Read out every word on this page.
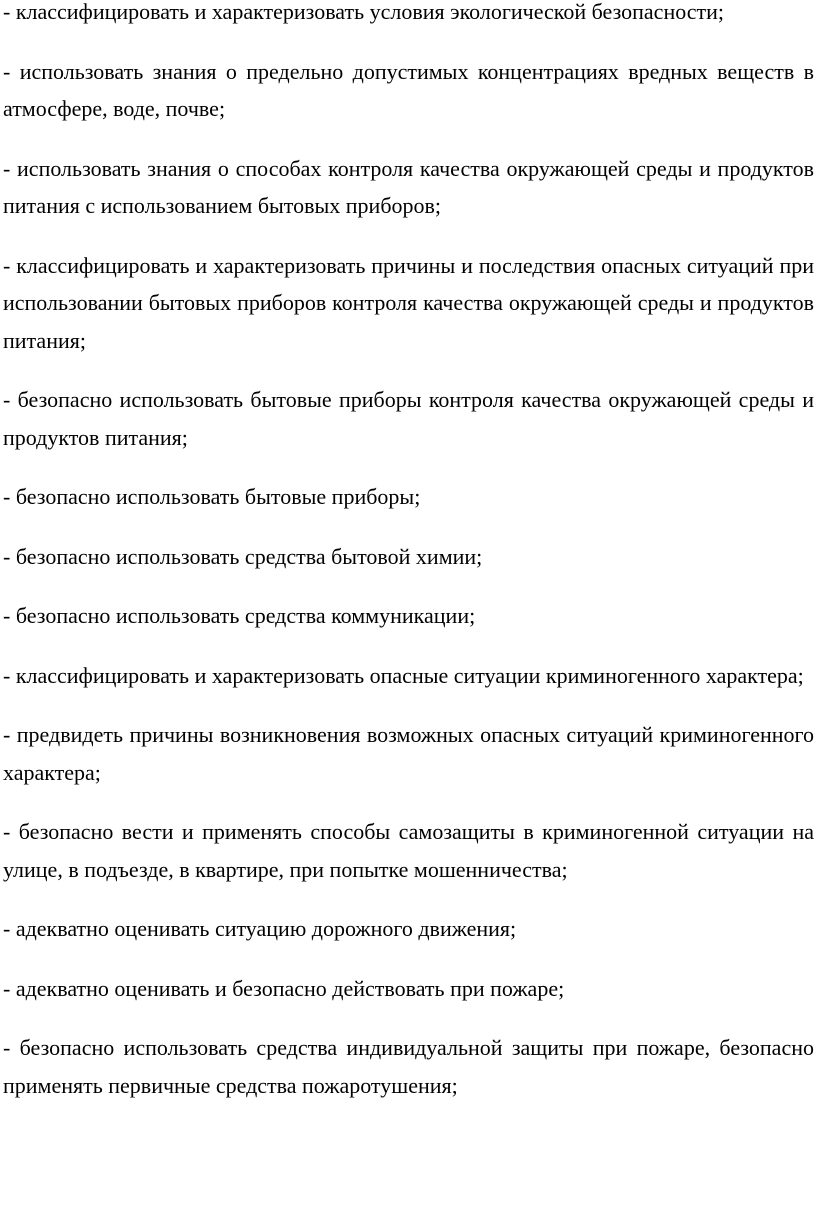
- классифицировать и характеризовать условия экологической безопасности;

- использовать знания о предельно допустимых концентрациях вредных веществ в атмосфере, воде, почве;

- использовать знания о способах контроля качества окружающей среды и продуктов питания с использованием бытовых приборов;

- классифицировать и характеризовать причины и последствия опасных ситуаций при использовании бытовых приборов контроля качества окружающей среды и продуктов питания;

- безопасно использовать бытовые приборы контроля качества окружающей среды и продуктов питания;

- безопасно использовать бытовые приборы;

- безопасно использовать средства бытовой химии;

- безопасно использовать средства коммуникации;

- классифицировать и характеризовать опасные ситуации криминогенного характера;

- предвидеть причины возникновения возможных опасных ситуаций криминогенного характера;

- безопасно вести и применять способы самозащиты в криминогенной ситуации на улице, в подъезде, в квартире, при попытке мошенничества;

- адекватно оценивать ситуацию дорожного движения;

- адекватно оценивать и безопасно действовать при пожаре;

- безопасно использовать средства индивидуальной защиты при пожаре, безопасно применять первичные средства пожаротушения;
